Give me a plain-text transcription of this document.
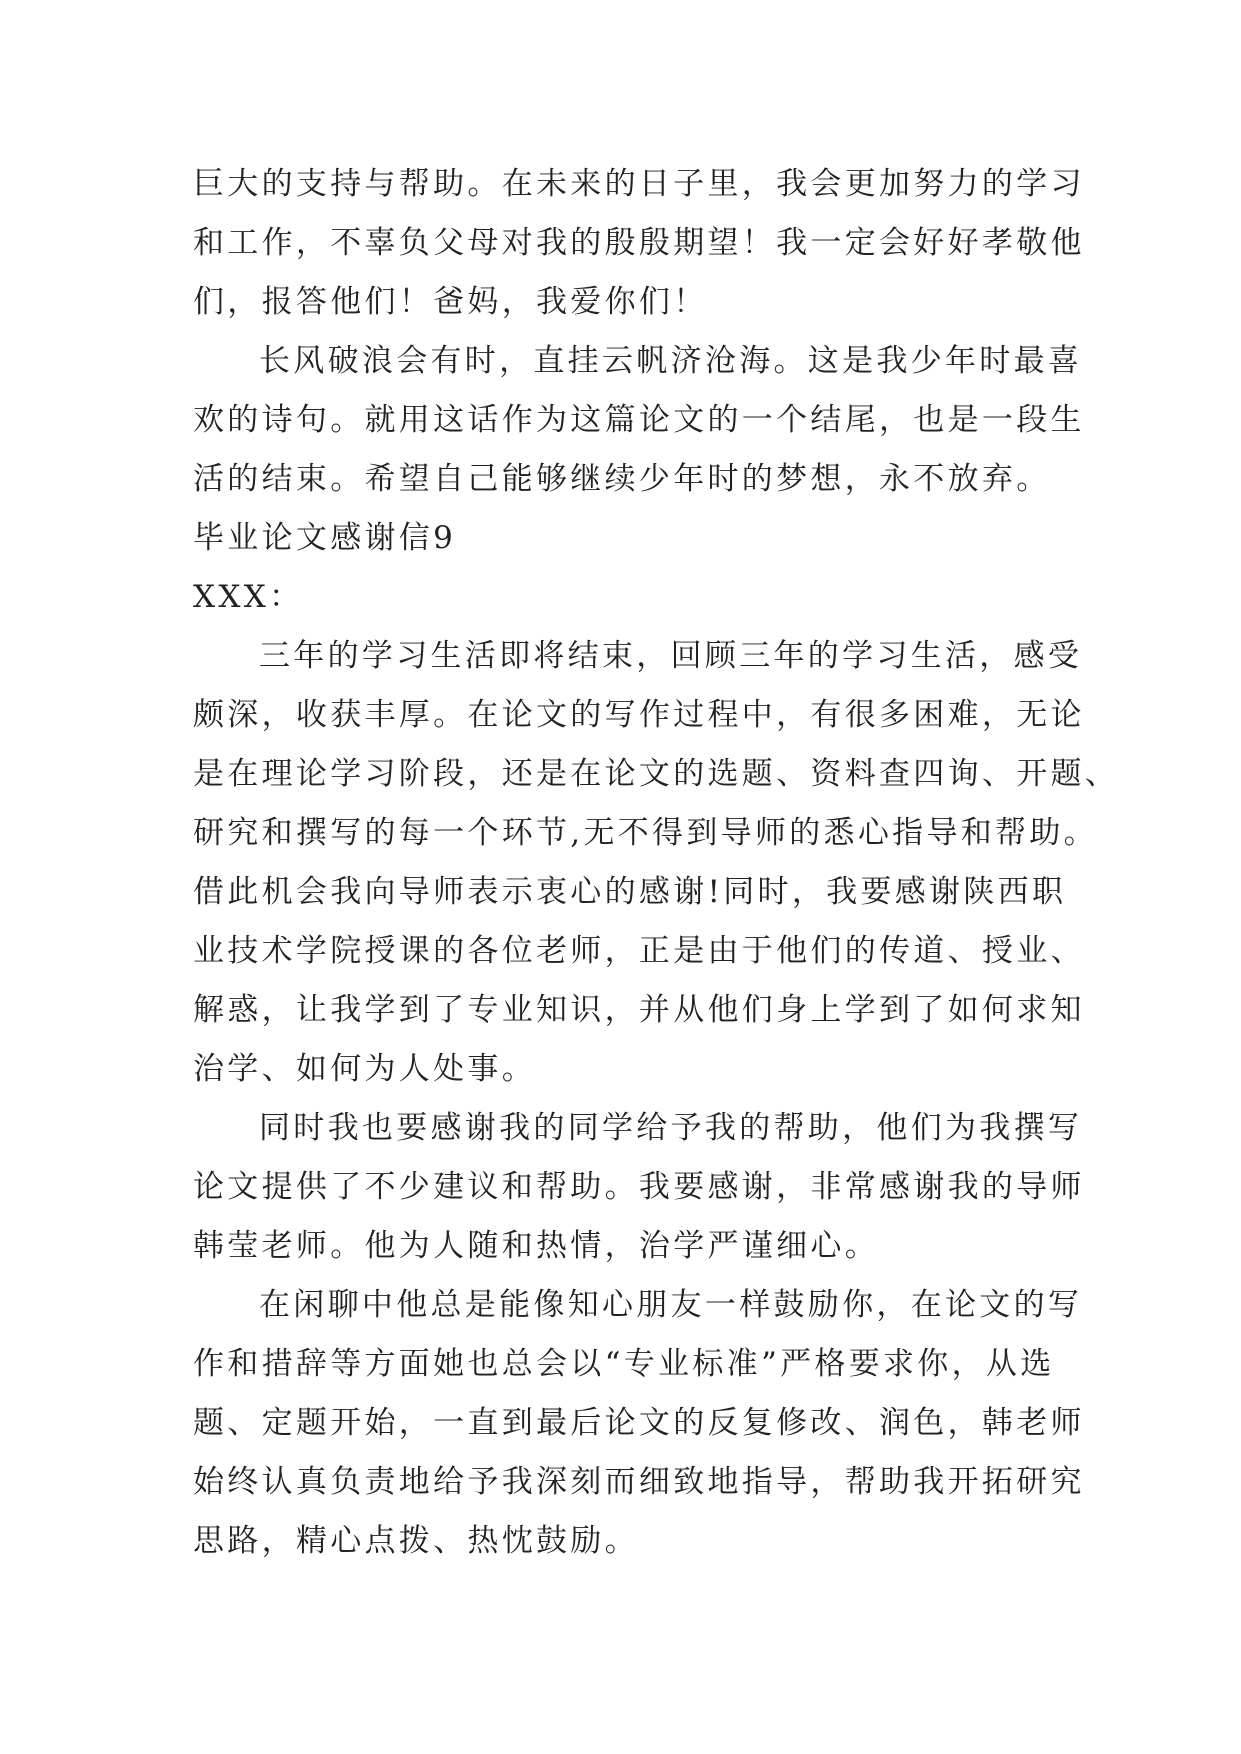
巨大的支持与帮助。在未来的日子里，我会更加努力的学习
和工作，不辜负父母对我的殷殷期望！我一定会好好孝敬他
们，报答他们！爸妈，我爱你们！
长风破浪会有时，直挂云帆济沧海。这是我少年时最喜
欢的诗句。就用这话作为这篇论文的一个结尾，也是一段生
活的结束。希望自己能够继续少年时的梦想，永不放弃。
毕业论文感谢信9
XXX：
三年的学习生活即将结束，回顾三年的学习生活，感受
颇深，收获丰厚。在论文的写作过程中，有很多困难，无论
是在理论学习阶段，还是在论文的选题、资料查四询、开题、
研究和撰写的每一个环节,无不得到导师的悉心指导和帮助。
借此机会我向导师表示衷心的感谢!同时，我要感谢陕西职
业技术学院授课的各位老师，正是由于他们的传道、授业、
解惑，让我学到了专业知识，并从他们身上学到了如何求知
治学、如何为人处事。
同时我也要感谢我的同学给予我的帮助，他们为我撰写
论文提供了不少建议和帮助。我要感谢，非常感谢我的导师
韩莹老师。他为人随和热情，治学严谨细心。
在闲聊中他总是能像知心朋友一样鼓励你，在论文的写
作和措辞等方面她也总会以“专业标准”严格要求你，从选
题、定题开始，一直到最后论文的反复修改、润色，韩老师
始终认真负责地给予我深刻而细致地指导，帮助我开拓研究
思路，精心点拨、热忱鼓励。
